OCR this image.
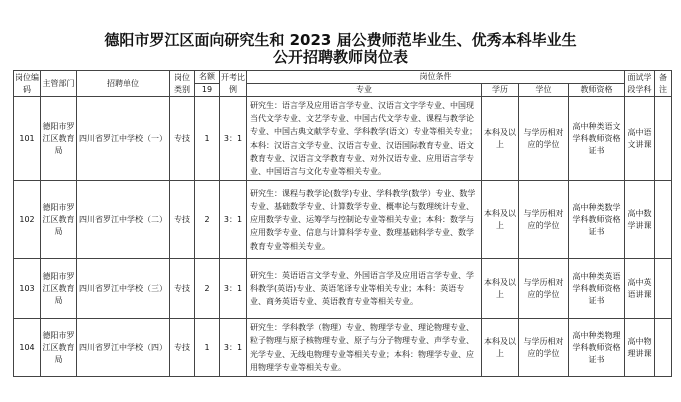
德阳市罗江区面向研究生和 2023 届公费师范毕业生、优秀本科毕业生
公开招聘教师岗位表
岗位编码	主管部门	招聘单位	岗位类别	名额	开考比例	岗位条件				面试学段学科	备注
				19		专业	学历	学位	教师资格		
101	德阳市罗江区教育局	四川省罗江中学校（一）	专技	1	3：1	研究生：语言学及应用语言学专业、汉语言文字学专业、中国现当代文学专业、文艺学专业、中国古代文学专业、课程与教学论专业、中国古典文献学专业、学科教学(语文）专业等相关专业；本科：汉语言文学专业、汉语言专业、汉语国际教育专业、语文教育专业、汉语言文学教育专业、对外汉语专业、应用语言学专业、中国语言与文化专业等相关专业。	本科及以上	与学历相对应的学位	高中种类语文学科教师资格证书	高中语文讲课	
102	德阳市罗江区教育局	四川省罗江中学校（二）	专技	2	3：1	研究生：课程与教学论(数学)专业、学科教学(数学）专业、数学专业、基础数学专业、计算数学专业、概率论与数理统计专业、应用数学专业、运筹学与控制论专业等相关专业；本科：数学与应用数学专业、信息与计算科学专业、数理基础科学专业、数学教育专业等相关专业。	本科及以上	与学历相对应的学位	高中种类数学学科教师资格证书	高中数学讲课	
103	德阳市罗江区教育局	四川省罗江中学校（三）	专技	2	3：1	研究生：英语语言文学专业、外国语言学及应用语言学专业、学科教学(英语)专业、英语笔译专业等相关专业；本科：英语专业、商务英语专业、英语教育专业等相关专业。	本科及以上	与学历相对应的学位	高中种类英语学科教师资格证书	高中英语讲课	
104	德阳市罗江区教育局	四川省罗江中学校（四）	专技	1	3：1	研究生：学科教学（物理）专业、物理学专业、理论物理专业、粒子物理与原子核物理专业、原子与分子物理专业、声学专业、光学专业、无线电物理专业等相关专业；本科：物理学专业、应用物理学专业等相关专业。	本科及以上	与学历相对应的学位	高中种类物理学科教师资格证书	高中物理讲课	
